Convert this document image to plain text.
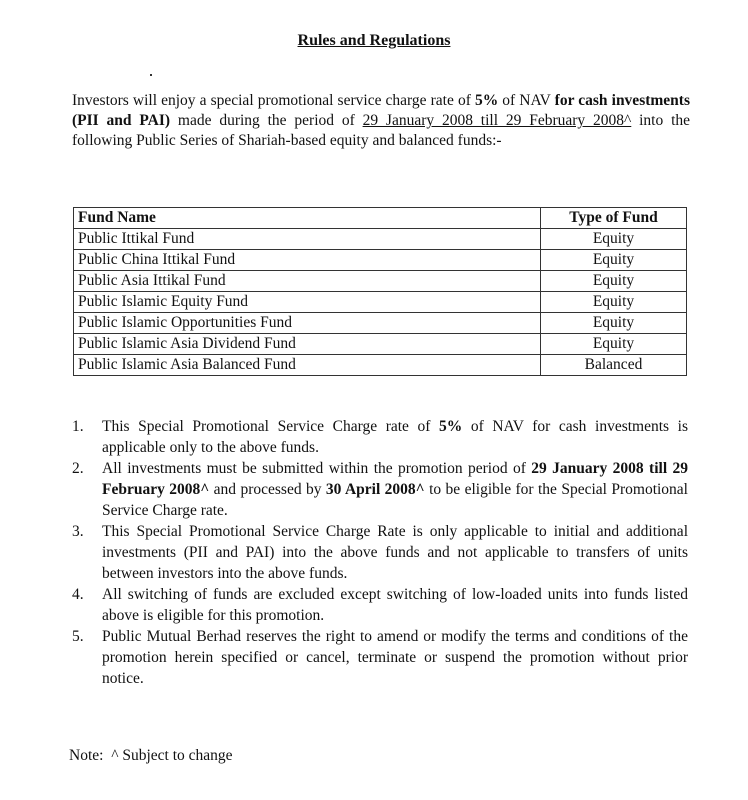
Rules and Regulations
Investors will enjoy a special promotional service charge rate of 5% of NAV for cash investments (PII and PAI) made during the period of 29 January 2008 till 29 February 2008^ into the following Public Series of Shariah-based equity and balanced funds:-
Fund Name	Type of Fund
Public Ittikal Fund	Equity
Public China Ittikal Fund	Equity
Public Asia Ittikal Fund	Equity
Public Islamic Equity Fund	Equity
Public Islamic Opportunities Fund	Equity
Public Islamic Asia Dividend Fund	Equity
Public Islamic Asia Balanced Fund	Balanced
1. This Special Promotional Service Charge rate of 5% of NAV for cash investments is applicable only to the above funds.
2. All investments must be submitted within the promotion period of 29 January 2008 till 29 February 2008^ and processed by 30 April 2008^ to be eligible for the Special Promotional Service Charge rate.
3. This Special Promotional Service Charge Rate is only applicable to initial and additional investments (PII and PAI) into the above funds and not applicable to transfers of units between investors into the above funds.
4. All switching of funds are excluded except switching of low-loaded units into funds listed above is eligible for this promotion.
5. Public Mutual Berhad reserves the right to amend or modify the terms and conditions of the promotion herein specified or cancel, terminate or suspend the promotion without prior notice.
Note: ^ Subject to change
